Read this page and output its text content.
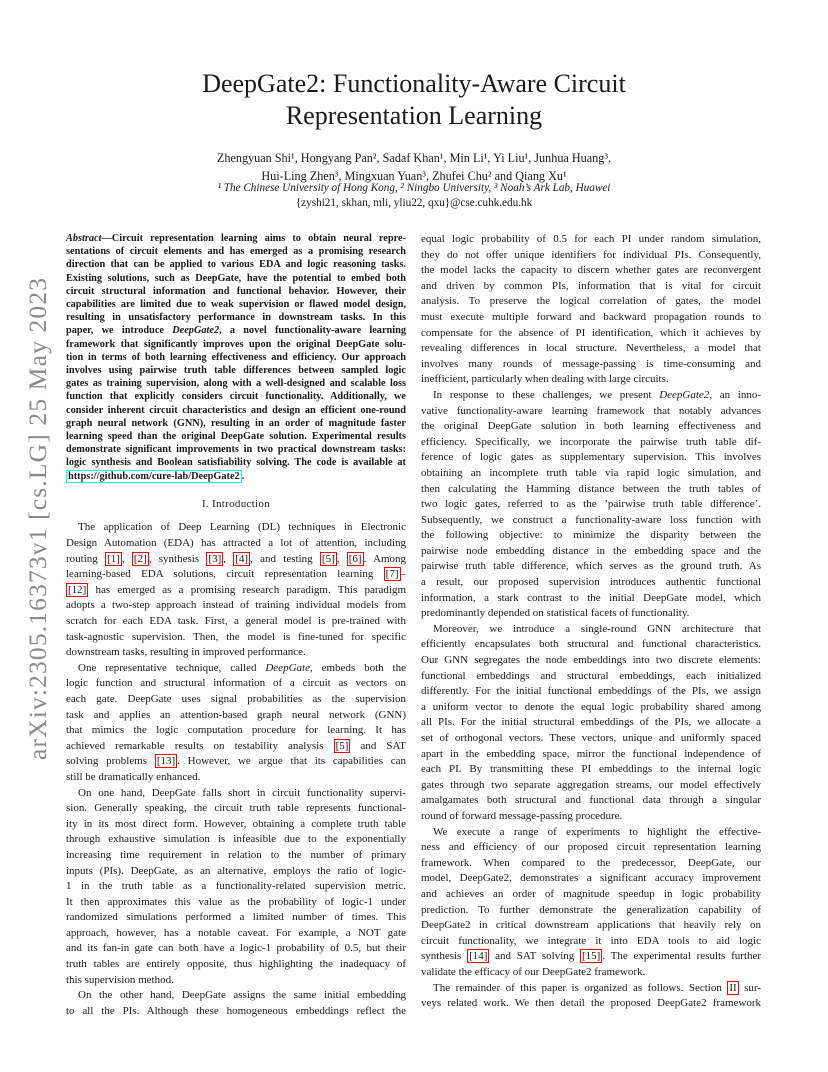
arXiv:2305.16373v1 [cs.LG] 25 May 2023
DeepGate2: Functionality-Aware Circuit
Representation Learning
Zhengyuan Shi¹, Hongyang Pan², Sadaf Khan¹, Min Li¹, Yi Liu¹, Junhua Huang³,
Hui-Ling Zhen³, Mingxuan Yuan³, Zhufei Chu² and Qiang Xu¹
¹ The Chinese University of Hong Kong, ² Ningbo University, ³ Noah’s Ark Lab, Huawei
{zyshi21, skhan, mli, yliu22, qxu}@cse.cuhk.edu.hk
Abstract—Circuit representation learning aims to obtain neural repre-
sentations of circuit elements and has emerged as a promising research
direction that can be applied to various EDA and logic reasoning tasks.
Existing solutions, such as DeepGate, have the potential to embed both
circuit structural information and functional behavior. However, their
capabilities are limited due to weak supervision or flawed model design,
resulting in unsatisfactory performance in downstream tasks. In this
paper, we introduce DeepGate2, a novel functionality-aware learning
framework that significantly improves upon the original DeepGate solu-
tion in terms of both learning effectiveness and efficiency. Our approach
involves using pairwise truth table differences between sampled logic
gates as training supervision, along with a well-designed and scalable loss
function that explicitly considers circuit functionality. Additionally, we
consider inherent circuit characteristics and design an efficient one-round
graph neural network (GNN), resulting in an order of magnitude faster
learning speed than the original DeepGate solution. Experimental results
demonstrate significant improvements in two practical downstream tasks:
logic synthesis and Boolean satisfiability solving. The code is available at
https://github.com/cure-lab/DeepGate2 .
I. Introduction
The application of Deep Learning (DL) techniques in Electronic
Design Automation (EDA) has attracted a lot of attention, including
routing [1] , [2] , synthesis [3] , [4] , and testing [5] , [6] . Among
learning-based EDA solutions, circuit representation learning [7] –
[12] has emerged as a promising research paradigm. This paradigm
adopts a two-step approach instead of training individual models from
scratch for each EDA task. First, a general model is pre-trained with
task-agnostic supervision. Then, the model is fine-tuned for specific
downstream tasks, resulting in improved performance.
One representative technique, called DeepGate, embeds both the
logic function and structural information of a circuit as vectors on
each gate. DeepGate uses signal probabilities as the supervision
task and applies an attention-based graph neural network (GNN)
that mimics the logic computation procedure for learning. It has
achieved remarkable results on testability analysis [5] and SAT
solving problems [13] . However, we argue that its capabilities can
still be dramatically enhanced.
On one hand, DeepGate falls short in circuit functionality supervi-
sion. Generally speaking, the circuit truth table represents functional-
ity in its most direct form. However, obtaining a complete truth table
through exhaustive simulation is infeasible due to the exponentially
increasing time requirement in relation to the number of primary
inputs (PIs). DeepGate, as an alternative, employs the ratio of logic-
1 in the truth table as a functionality-related supervision metric.
It then approximates this value as the probability of logic-1 under
randomized simulations performed a limited number of times. This
approach, however, has a notable caveat. For example, a NOT gate
and its fan-in gate can both have a logic-1 probability of 0.5, but their
truth tables are entirely opposite, thus highlighting the inadequacy of
this supervision method.
On the other hand, DeepGate assigns the same initial embedding
to all the PIs. Although these homogeneous embeddings reflect the
equal logic probability of 0.5 for each PI under random simulation,
they do not offer unique identifiers for individual PIs. Consequently,
the model lacks the capacity to discern whether gates are reconvergent
and driven by common PIs, information that is vital for circuit
analysis. To preserve the logical correlation of gates, the model
must execute multiple forward and backward propagation rounds to
compensate for the absence of PI identification, which it achieves by
revealing differences in local structure. Nevertheless, a model that
involves many rounds of message-passing is time-consuming and
inefficient, particularly when dealing with large circuits.
In response to these challenges, we present DeepGate2, an inno-
vative functionality-aware learning framework that notably advances
the original DeepGate solution in both learning effectiveness and
efficiency. Specifically, we incorporate the pairwise truth table dif-
ference of logic gates as supplementary supervision. This involves
obtaining an incomplete truth table via rapid logic simulation, and
then calculating the Hamming distance between the truth tables of
two logic gates, referred to as the ’pairwise truth table difference’.
Subsequently, we construct a functionality-aware loss function with
the following objective: to minimize the disparity between the
pairwise node embedding distance in the embedding space and the
pairwise truth table difference, which serves as the ground truth. As
a result, our proposed supervision introduces authentic functional
information, a stark contrast to the initial DeepGate model, which
predominantly depended on statistical facets of functionality.
Moreover, we introduce a single-round GNN architecture that
efficiently encapsulates both structural and functional characteristics.
Our GNN segregates the node embeddings into two discrete elements:
functional embeddings and structural embeddings, each initialized
differently. For the initial functional embeddings of the PIs, we assign
a uniform vector to denote the equal logic probability shared among
all PIs. For the initial structural embeddings of the PIs, we allocate a
set of orthogonal vectors. These vectors, unique and uniformly spaced
apart in the embedding space, mirror the functional independence of
each PI. By transmitting these PI embeddings to the internal logic
gates through two separate aggregation streams, our model effectively
amalgamates both structural and functional data through a singular
round of forward message-passing procedure.
We execute a range of experiments to highlight the effective-
ness and efficiency of our proposed circuit representation learning
framework. When compared to the predecessor, DeepGate, our
model, DeepGate2, demonstrates a significant accuracy improvement
and achieves an order of magnitude speedup in logic probability
prediction. To further demonstrate the generalization capability of
DeepGate2 in critical downstream applications that heavily rely on
circuit functionality, we integrate it into EDA tools to aid logic
synthesis [14] and SAT solving [15] . The experimental results further
validate the efficacy of our DeepGate2 framework.
The remainder of this paper is organized as follows. Section II sur-
veys related work. We then detail the proposed DeepGate2 framework
